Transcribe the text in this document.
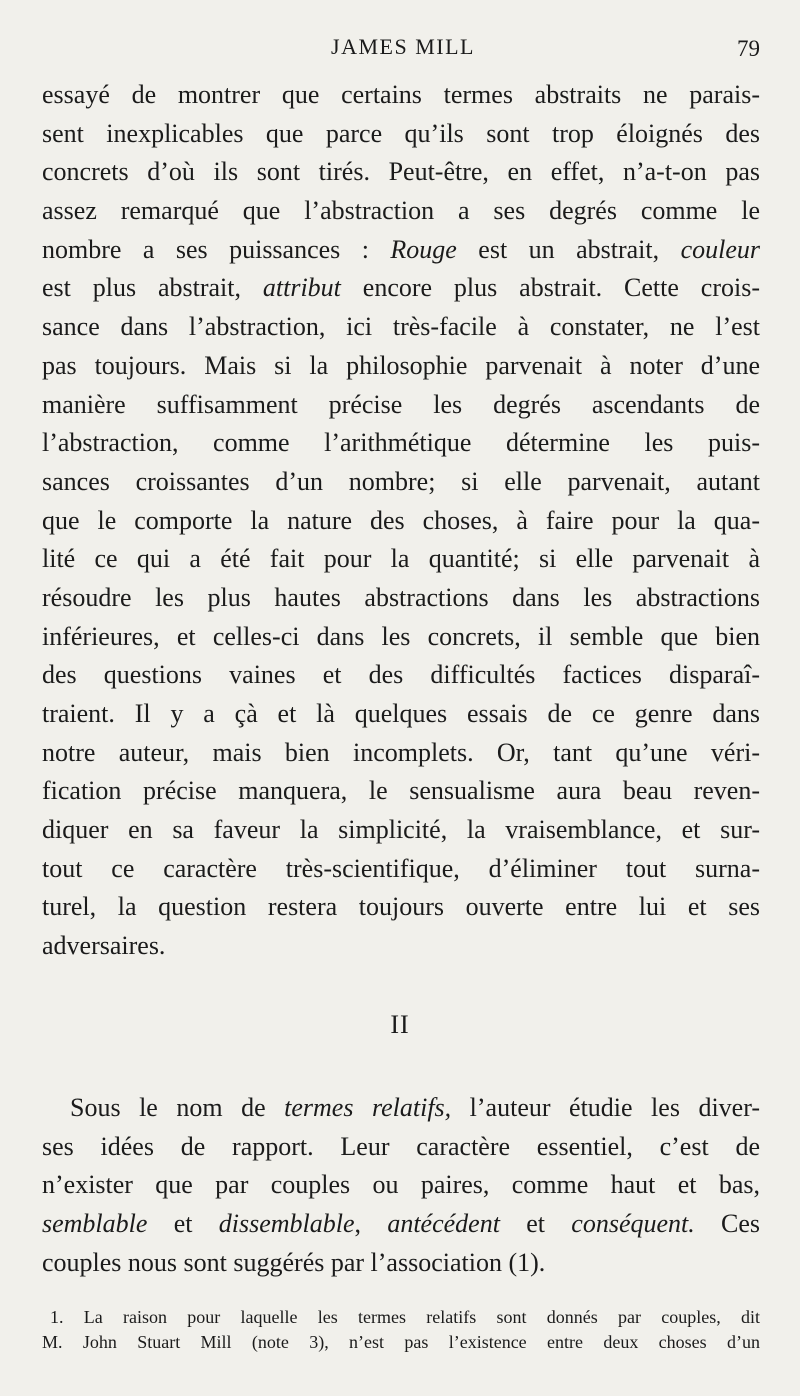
JAMES MILL	79
essayé de montrer que certains termes abstraits ne parais-
sent inexplicables que parce qu’ils sont trop éloignés des
concrets d’où ils sont tirés. Peut-être, en effet, n’a-t-on pas
assez remarqué que l’abstraction a ses degrés comme le
nombre a ses puissances : Rouge est un abstrait, couleur
est plus abstrait, attribut encore plus abstrait. Cette crois-
sance dans l’abstraction, ici très-facile à constater, ne l’est
pas toujours. Mais si la philosophie parvenait à noter d’une
manière suffisamment précise les degrés ascendants de
l’abstraction, comme l’arithmétique détermine les puis-
sances croissantes d’un nombre; si elle parvenait, autant
que le comporte la nature des choses, à faire pour la qua-
lité ce qui a été fait pour la quantité; si elle parvenait à
résoudre les plus hautes abstractions dans les abstractions
inférieures, et celles-ci dans les concrets, il semble que bien
des questions vaines et des difficultés factices disparaî-
traient. Il y a çà et là quelques essais de ce genre dans
notre auteur, mais bien incomplets. Or, tant qu’une véri-
fication précise manquera, le sensualisme aura beau reven-
diquer en sa faveur la simplicité, la vraisemblance, et sur-
tout ce caractère très-scientifique, d’éliminer tout surna-
turel, la question restera toujours ouverte entre lui et ses
adversaires.
II
Sous le nom de termes relatifs, l’auteur étudie les diver-
ses idées de rapport. Leur caractère essentiel, c’est de
n’exister que par couples ou paires, comme haut et bas,
semblable et dissemblable, antécédent et conséquent. Ces
couples nous sont suggérés par l’association (1).
1. La raison pour laquelle les termes relatifs sont donnés par couples, dit
M. John Stuart Mill (note 3), n’est pas l’existence entre deux choses d’un
